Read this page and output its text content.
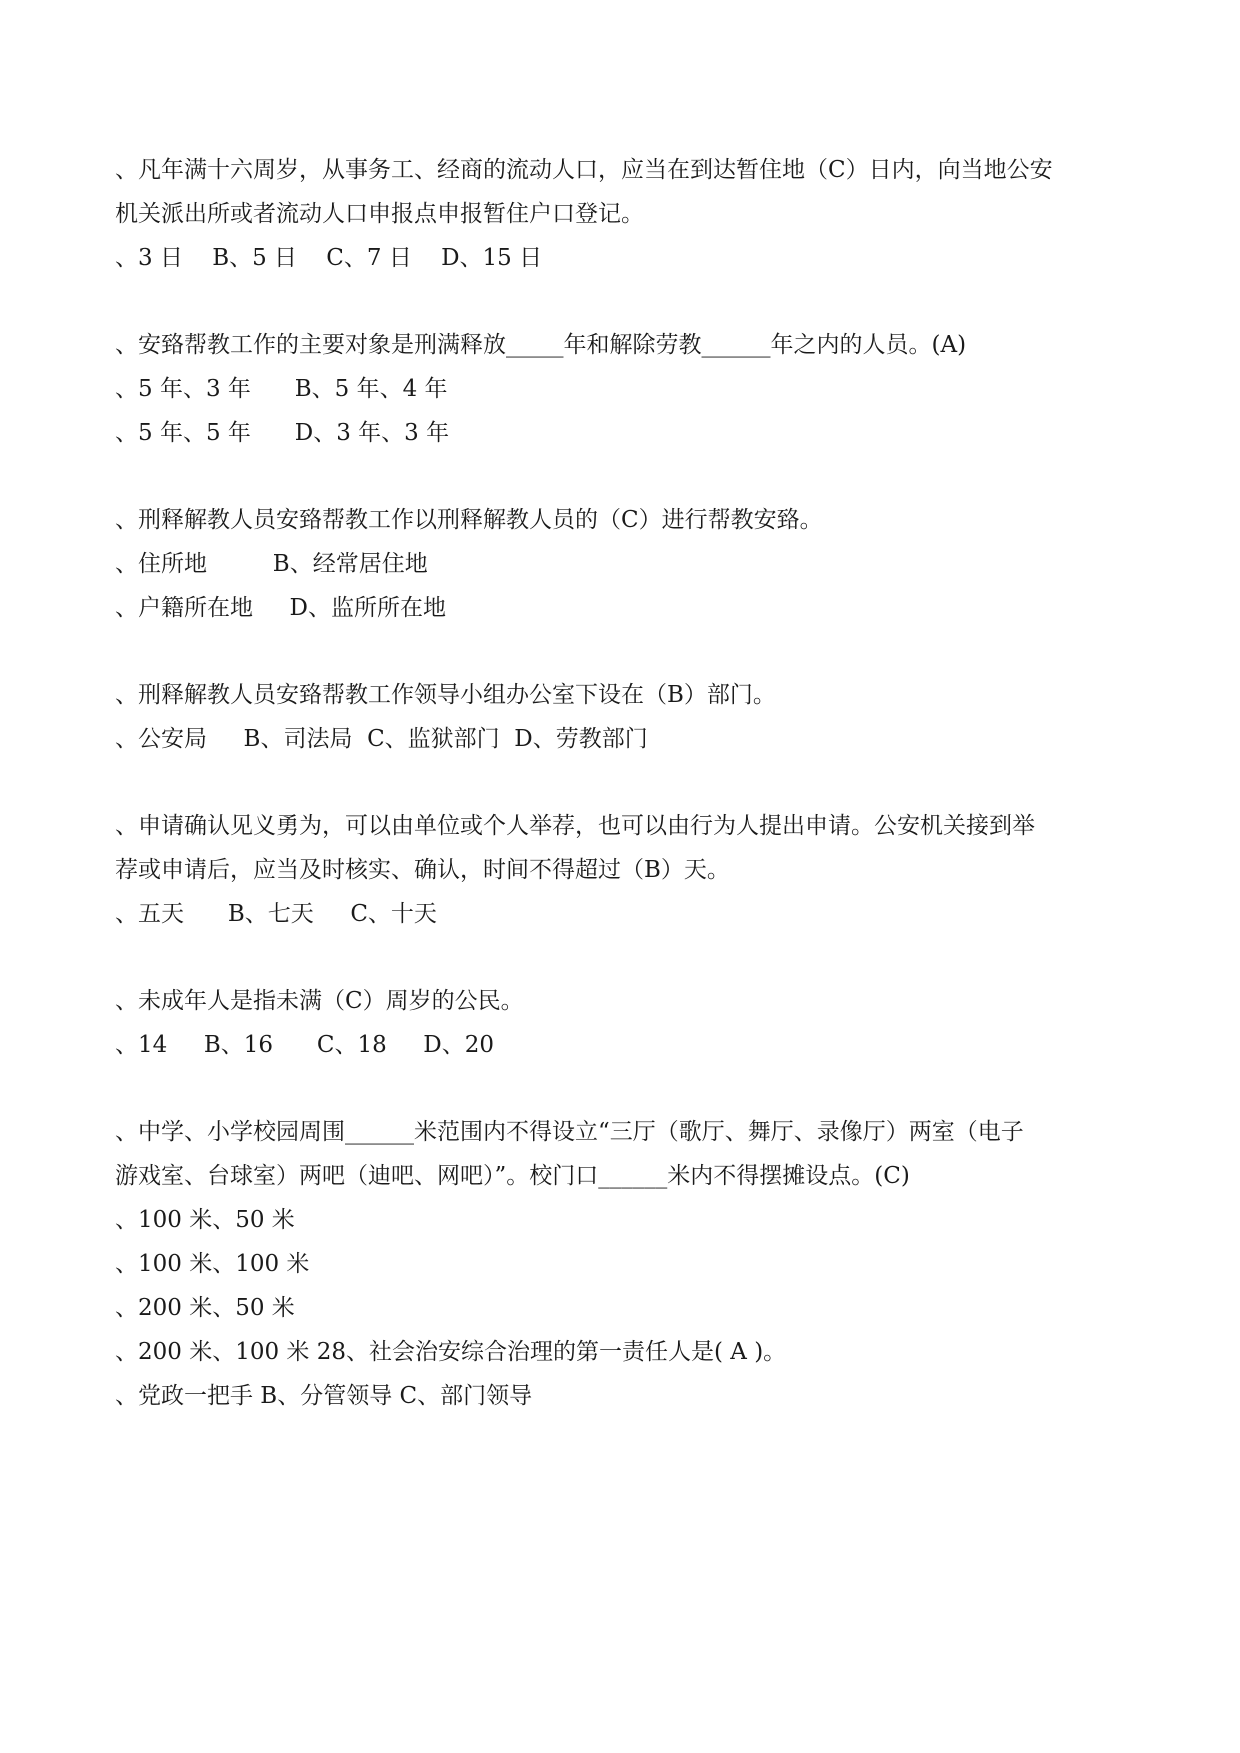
、凡年满十六周岁，从事务工、经商的流动人口，应当在到达暂住地（C）日内，向当地公安
机关派出所或者流动人口申报点申报暂住户口登记。
、3 日    B、5 日    C、7 日    D、15 日
、安臵帮教工作的主要对象是刑满释放_____年和解除劳教______年之内的人员。(A)
、5 年、3 年      B、5 年、4 年
、5 年、5 年      D、3 年、3 年
、刑释解教人员安臵帮教工作以刑释解教人员的（C）进行帮教安臵。
、住所地         B、经常居住地
、户籍所在地     D、监所所在地
、刑释解教人员安臵帮教工作领导小组办公室下设在（B）部门。
、公安局     B、司法局  C、监狱部门  D、劳教部门
、申请确认见义勇为，可以由单位或个人举荐，也可以由行为人提出申请。公安机关接到举
荐或申请后，应当及时核实、确认，时间不得超过（B）天。
、五天      B、七天     C、十天
、未成年人是指未满（C）周岁的公民。
、14     B、16      C、18     D、20
、中学、小学校园周围______米范围内不得设立“三厅（歌厅、舞厅、录像厅）两室（电子
游戏室、台球室）两吧（迪吧、网吧）”。校门口______米内不得摆摊设点。(C)
、100 米、50 米
、100 米、100 米
、200 米、50 米
、200 米、100 米 28、社会治安综合治理的第一责任人是( A )。
、党政一把手 B、分管领导 C、部门领导
